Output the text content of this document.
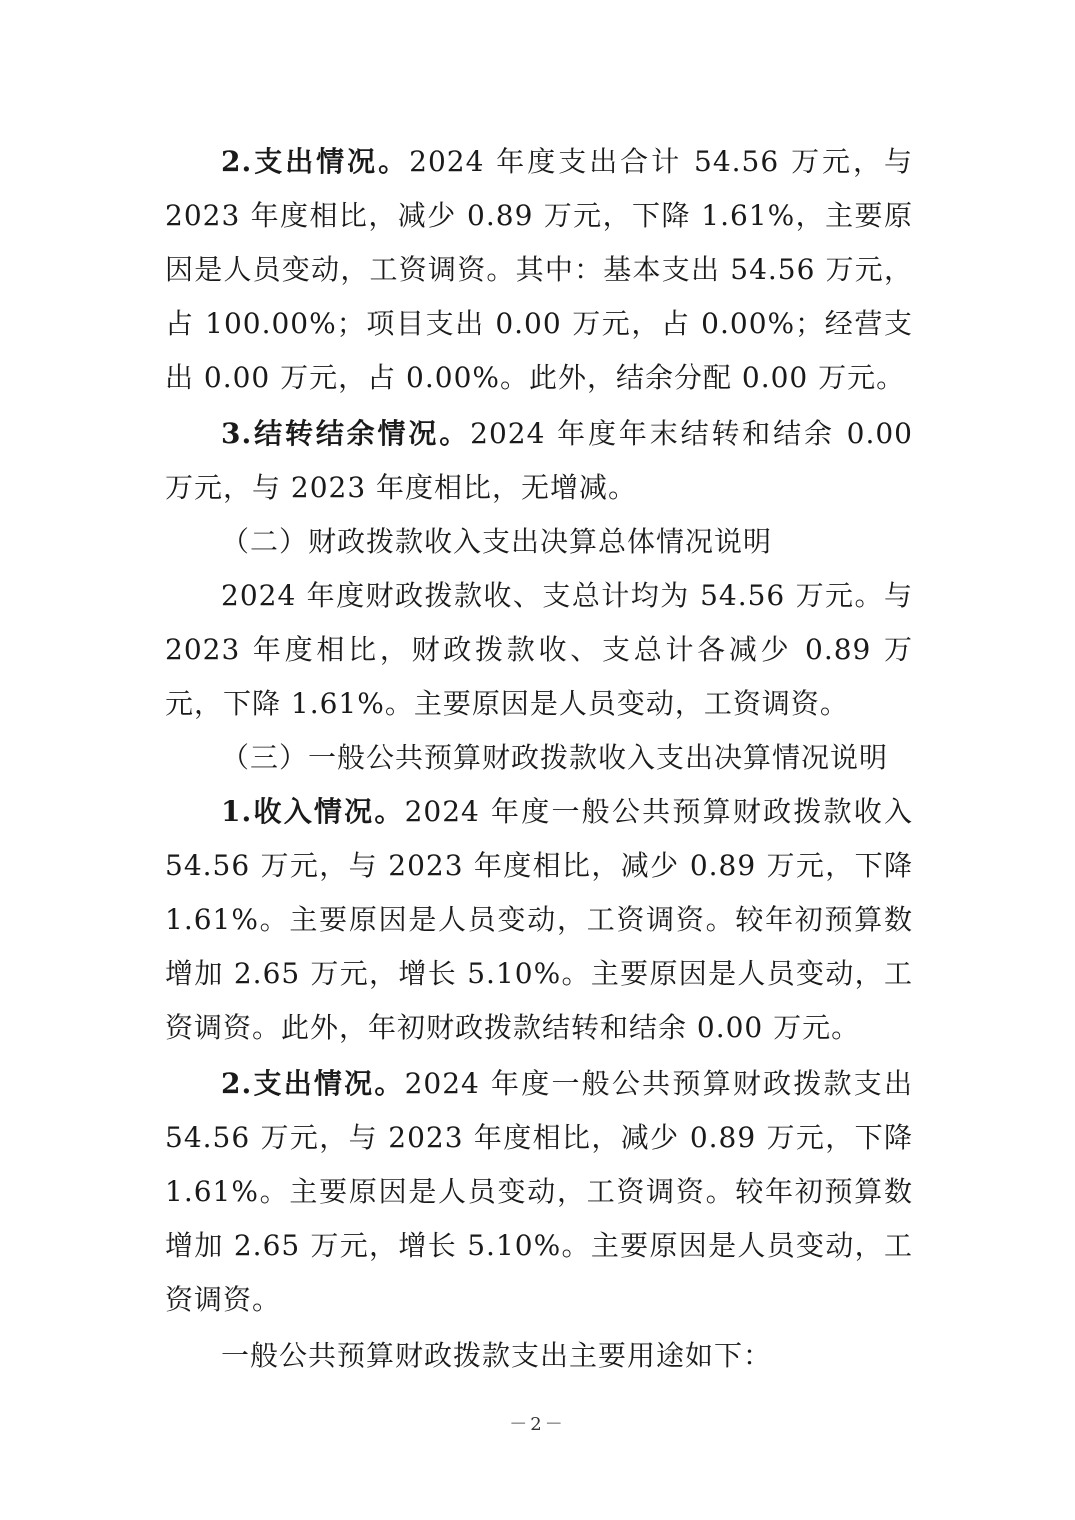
2.支出情况。2024 年度支出合计 54.56 万元，与 2023 年度相比，减少 0.89 万元，下降 1.61%，主要原因是人员变动，工资调资。其中：基本支出 54.56 万元，占 100.00%；项目支出 0.00 万元，占 0.00%；经营支出 0.00 万元，占 0.00%。此外，结余分配 0.00 万元。

3.结转结余情况。2024 年度年末结转和结余 0.00 万元，与 2023 年度相比，无增减。

（二）财政拨款收入支出决算总体情况说明

2024 年度财政拨款收、支总计均为 54.56 万元。与 2023 年度相比，财政拨款收、支总计各减少 0.89 万元，下降 1.61%。主要原因是人员变动，工资调资。

（三）一般公共预算财政拨款收入支出决算情况说明

1.收入情况。2024 年度一般公共预算财政拨款收入 54.56 万元，与 2023 年度相比，减少 0.89 万元，下降 1.61%。主要原因是人员变动，工资调资。较年初预算数增加 2.65 万元，增长 5.10%。主要原因是人员变动，工资调资。此外，年初财政拨款结转和结余 0.00 万元。

2.支出情况。2024 年度一般公共预算财政拨款支出 54.56 万元，与 2023 年度相比，减少 0.89 万元，下降 1.61%。主要原因是人员变动，工资调资。较年初预算数增加 2.65 万元，增长 5.10%。主要原因是人员变动，工资调资。

一般公共预算财政拨款支出主要用途如下：

－2－
